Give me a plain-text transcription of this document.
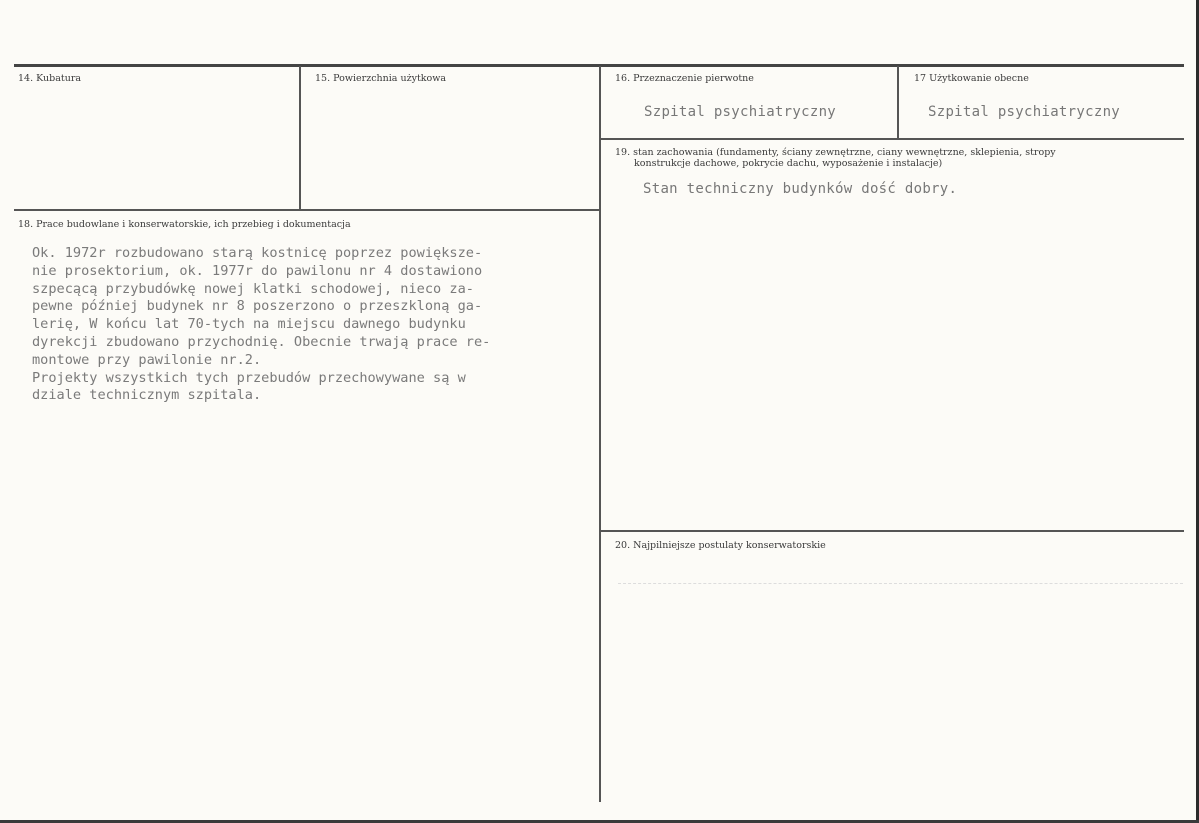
14. Kubatura	15. Powierzchnia użytkowa	16. Przeznaczenie pierwotne
Szpital psychiatryczny
17 Użytkowanie obecne
Szpital psychiatryczny
18. Prace budowlane i konserwatorskie, ich przebieg i dokumentacja
Ok. 1972r rozbudowano starą kostnicę poprzez powiększe-
nie prosektorium, ok. 1977r do pawilonu nr 4 dostawiono
szpecącą przybudówkę nowej klatki schodowej, nieco za-
pewne później budynek nr 8 poszerzono o przeszkloną ga-
lerię, W końcu lat 70-tych na miejscu dawnego budynku
dyrekcji zbudowano przychodnię. Obecnie trwają prace re-
montowe przy pawilonie nr.2.
Projekty wszystkich tych przebudów przechowywane są w
dziale technicznym szpitala.
19. stan zachowania (fundamenty, ściany zewnętrzne, ciany wewnętrzne, sklepienia, stropy
konstrukcje dachowe, pokrycie dachu, wyposażenie i instalacje)
Stan techniczny budynków dość dobry.
20. Najpilniejsze postulaty konserwatorskie
